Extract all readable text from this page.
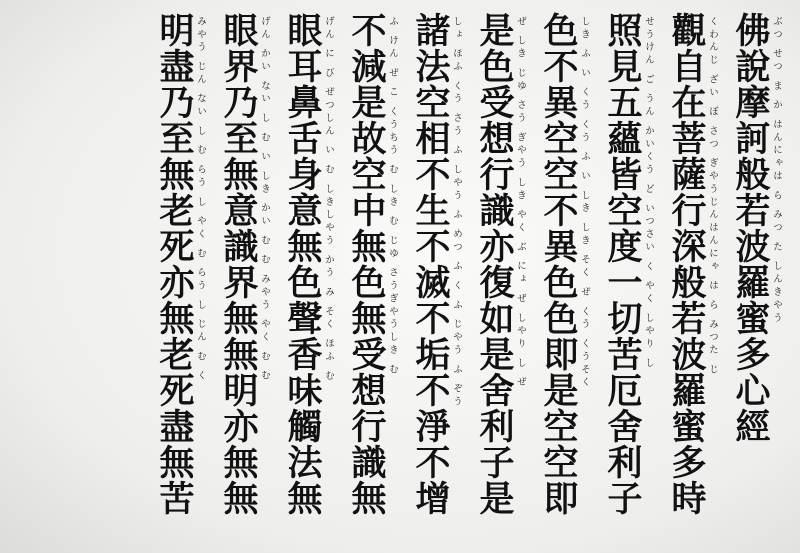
佛說摩訶般若波羅蜜多心經 ぶつ せつ ま か はんにゃは ら みつ た しんきやう
觀自在菩薩行深般若波羅蜜多時 くわんじ ざい ぼ さつ ぎやうじんはんにゃ は ら みつた じ
照見五蘊皆空度一切苦厄舍利子 せうけん ご うん かいくう ど いつさい く やく しやり し
色不異空空不異色色即是空空即 しき ふ い くう くう ふ い しき しき そく ぜ くう くうそく
是色受想行識亦復如是舍利子是 ぜ しき じゆ さう ぎやう しき やく ぶ にょ ぜ しやり し ぜ
諸法空相不生不滅不垢不淨不增 しょ ほふ くう さう ふ しやう ふ めつ ふ く ふ じやう ふ ぞう
不減是故空中無色無受想行識無 ふ けん ぜ こ くうちう む しき む じゆ さうぎやうしき む
眼耳鼻舌身意無色聲香味觸法無 げん に び ぜつしん い む しきしやう かう み そく ほふ む
眼界乃至無意識界無無明亦無無 げん かい ない し む い しき かい む む みやう やく む む
明盡乃至無老死亦無老死盡無苦 みやう じん ない し む らう し やく む らう し じん む く
